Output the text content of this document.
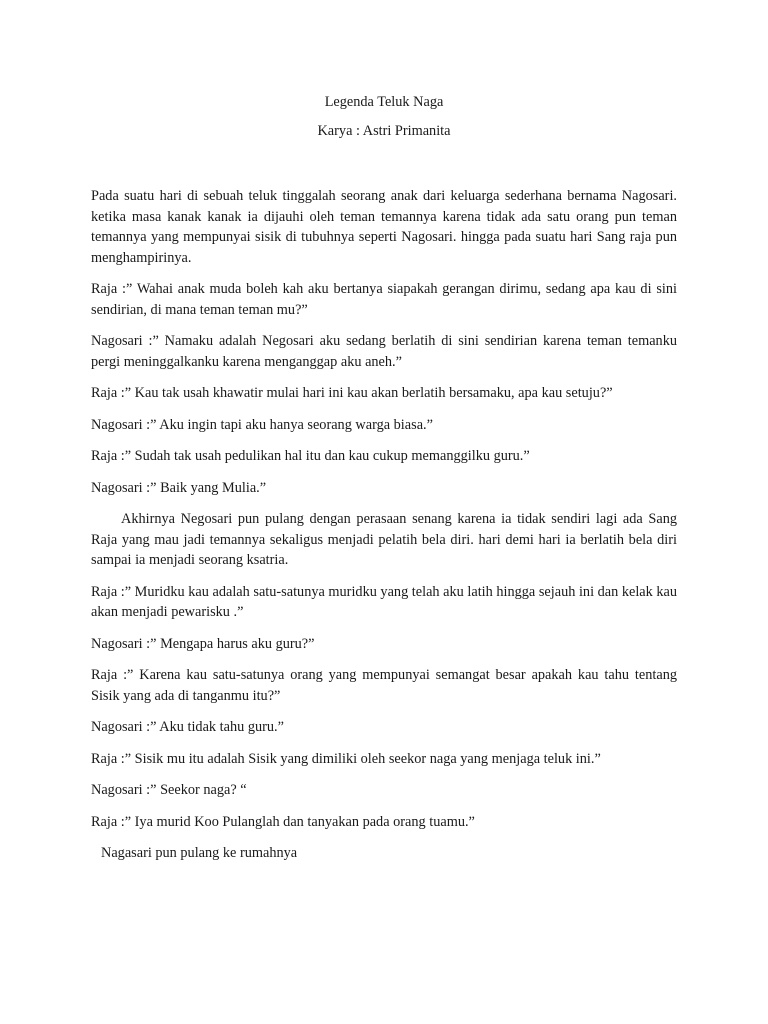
Legenda Teluk Naga

Karya : Astri Primanita

Pada suatu hari di sebuah teluk tinggalah seorang anak dari keluarga sederhana bernama Nagosari. ketika masa kanak kanak ia dijauhi oleh teman temannya karena tidak ada satu orang pun teman temannya yang mempunyai sisik di tubuhnya seperti Nagosari. hingga pada suatu hari Sang raja pun menghampirinya.

Raja :” Wahai anak muda boleh kah aku bertanya siapakah gerangan dirimu, sedang apa kau di sini sendirian, di mana teman teman mu?”

Nagosari :” Namaku adalah Negosari aku sedang berlatih di sini sendirian karena teman temanku pergi meninggalkanku karena menganggap aku aneh.”

Raja :” Kau tak usah khawatir mulai hari ini kau akan berlatih bersamaku, apa kau setuju?”

Nagosari :” Aku ingin tapi aku hanya seorang warga biasa.”

Raja :” Sudah tak usah pedulikan hal itu dan kau cukup memanggilku guru.”

Nagosari :” Baik yang Mulia.”

Akhirnya Negosari pun pulang dengan perasaan senang karena ia tidak sendiri lagi ada Sang Raja yang mau jadi temannya sekaligus menjadi pelatih bela diri. hari demi hari ia berlatih bela diri sampai ia menjadi seorang ksatria.

Raja :” Muridku kau adalah satu-satunya muridku yang telah aku latih hingga sejauh ini dan kelak kau akan menjadi pewarisku .”

Nagosari :” Mengapa harus aku guru?”

Raja :” Karena kau satu-satunya orang yang mempunyai semangat besar apakah kau tahu tentang Sisik yang ada di tanganmu itu?”

Nagosari :” Aku tidak tahu guru.”

Raja :” Sisik mu itu adalah Sisik yang dimiliki oleh seekor naga yang menjaga teluk ini.”

Nagosari :” Seekor naga? “

Raja :” Iya murid Koo Pulanglah dan tanyakan pada orang tuamu.”

Nagasari pun pulang ke rumahnya
